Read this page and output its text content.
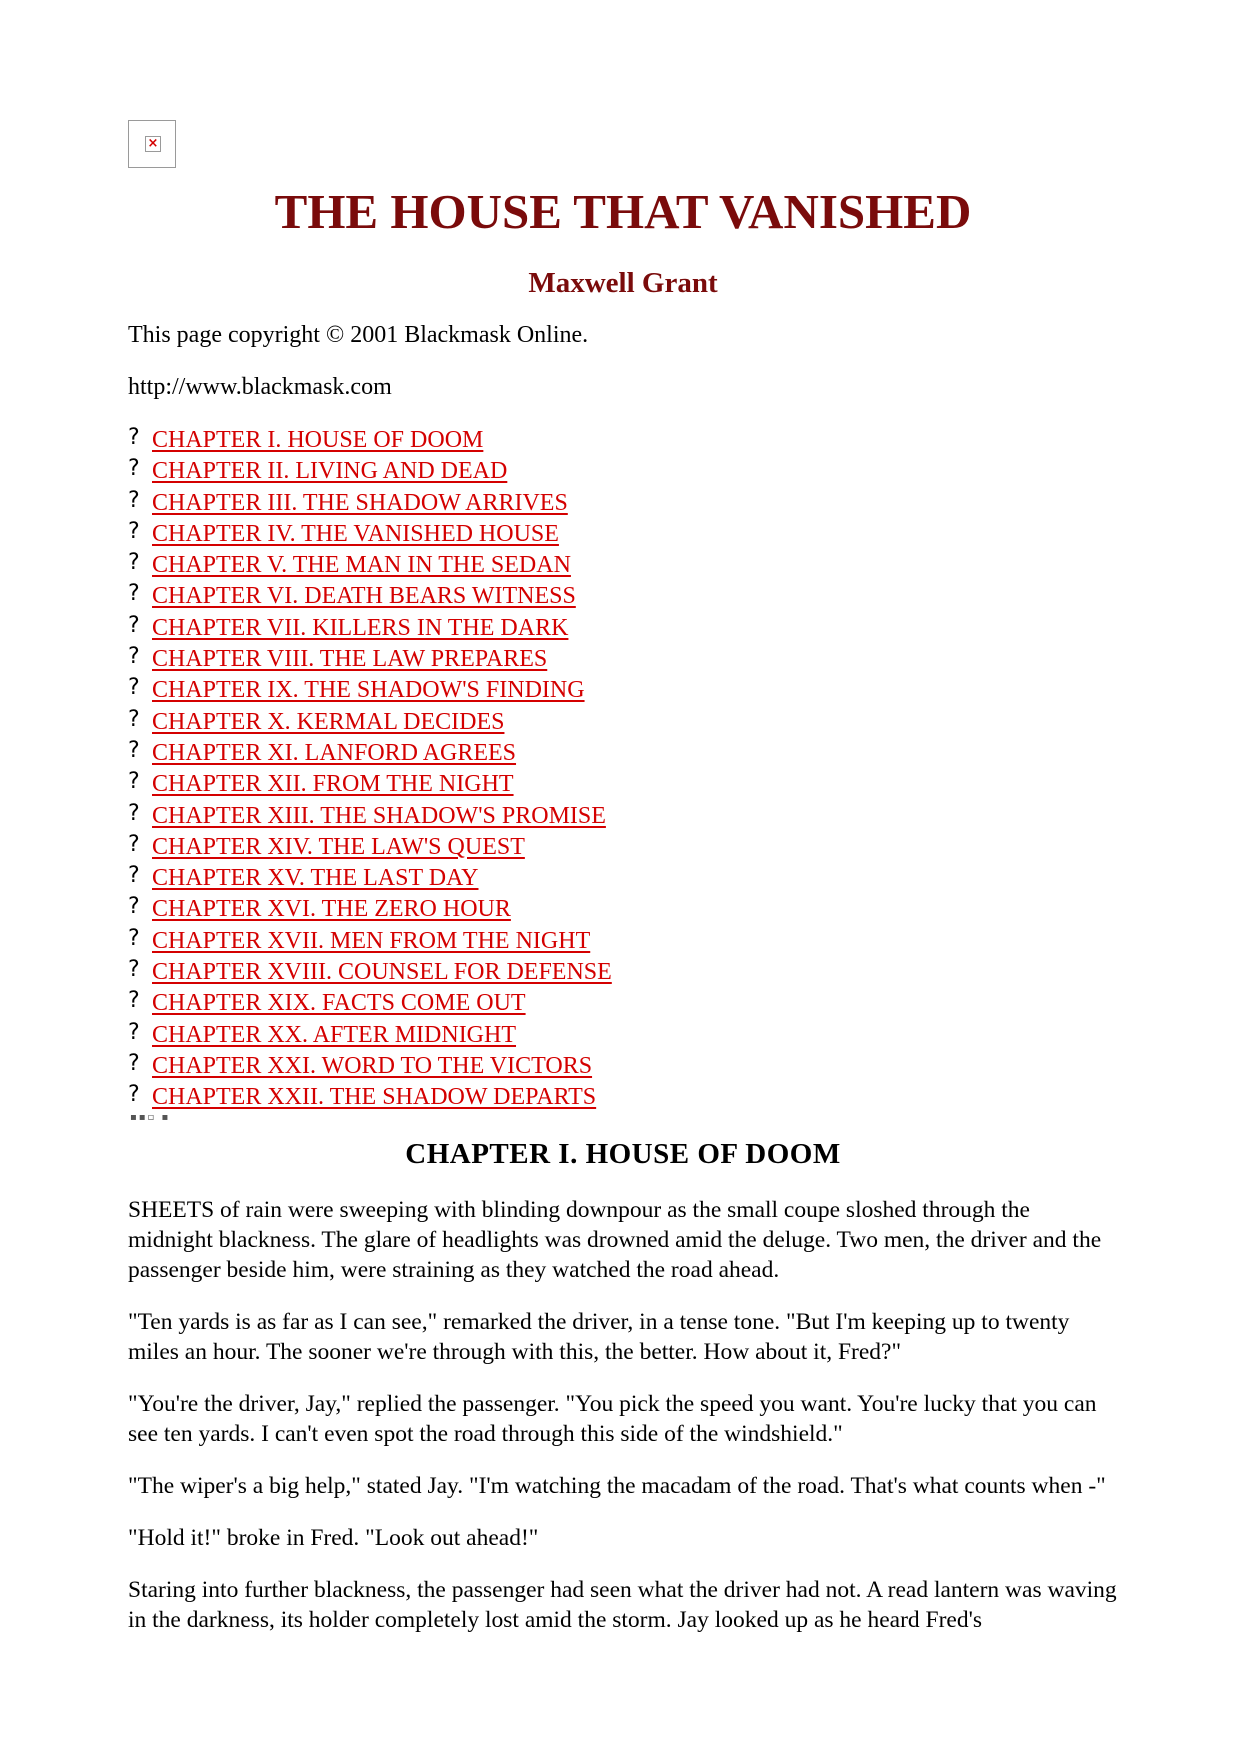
×
THE HOUSE THAT VANISHED
Maxwell Grant

This page copyright © 2001 Blackmask Online.

http://www.blackmask.com

? CHAPTER I. HOUSE OF DOOM
? CHAPTER II. LIVING AND DEAD
? CHAPTER III. THE SHADOW ARRIVES
? CHAPTER IV. THE VANISHED HOUSE
? CHAPTER V. THE MAN IN THE SEDAN
? CHAPTER VI. DEATH BEARS WITNESS
? CHAPTER VII. KILLERS IN THE DARK
? CHAPTER VIII. THE LAW PREPARES
? CHAPTER IX. THE SHADOW'S FINDING
? CHAPTER X. KERMAL DECIDES
? CHAPTER XI. LANFORD AGREES
? CHAPTER XII. FROM THE NIGHT
? CHAPTER XIII. THE SHADOW'S PROMISE
? CHAPTER XIV. THE LAW'S QUEST
? CHAPTER XV. THE LAST DAY
? CHAPTER XVI. THE ZERO HOUR
? CHAPTER XVII. MEN FROM THE NIGHT
? CHAPTER XVIII. COUNSEL FOR DEFENSE
? CHAPTER XIX. FACTS COME OUT
? CHAPTER XX. AFTER MIDNIGHT
? CHAPTER XXI. WORD TO THE VICTORS
? CHAPTER XXII. THE SHADOW DEPARTS
▪▪▫ ▪
CHAPTER I. HOUSE OF DOOM

SHEETS of rain were sweeping with blinding downpour as the small coupe sloshed through the midnight blackness. The glare of headlights was drowned amid the deluge. Two men, the driver and the passenger beside him, were straining as they watched the road ahead.

"Ten yards is as far as I can see," remarked the driver, in a tense tone. "But I'm keeping up to twenty miles an hour. The sooner we're through with this, the better. How about it, Fred?"

"You're the driver, Jay," replied the passenger. "You pick the speed you want. You're lucky that you can see ten yards. I can't even spot the road through this side of the windshield."

"The wiper's a big help," stated Jay. "I'm watching the macadam of the road. That's what counts when -"

"Hold it!" broke in Fred. "Look out ahead!"

Staring into further blackness, the passenger had seen what the driver had not. A read lantern was waving in the darkness, its holder completely lost amid the storm. Jay looked up as he heard Fred's
